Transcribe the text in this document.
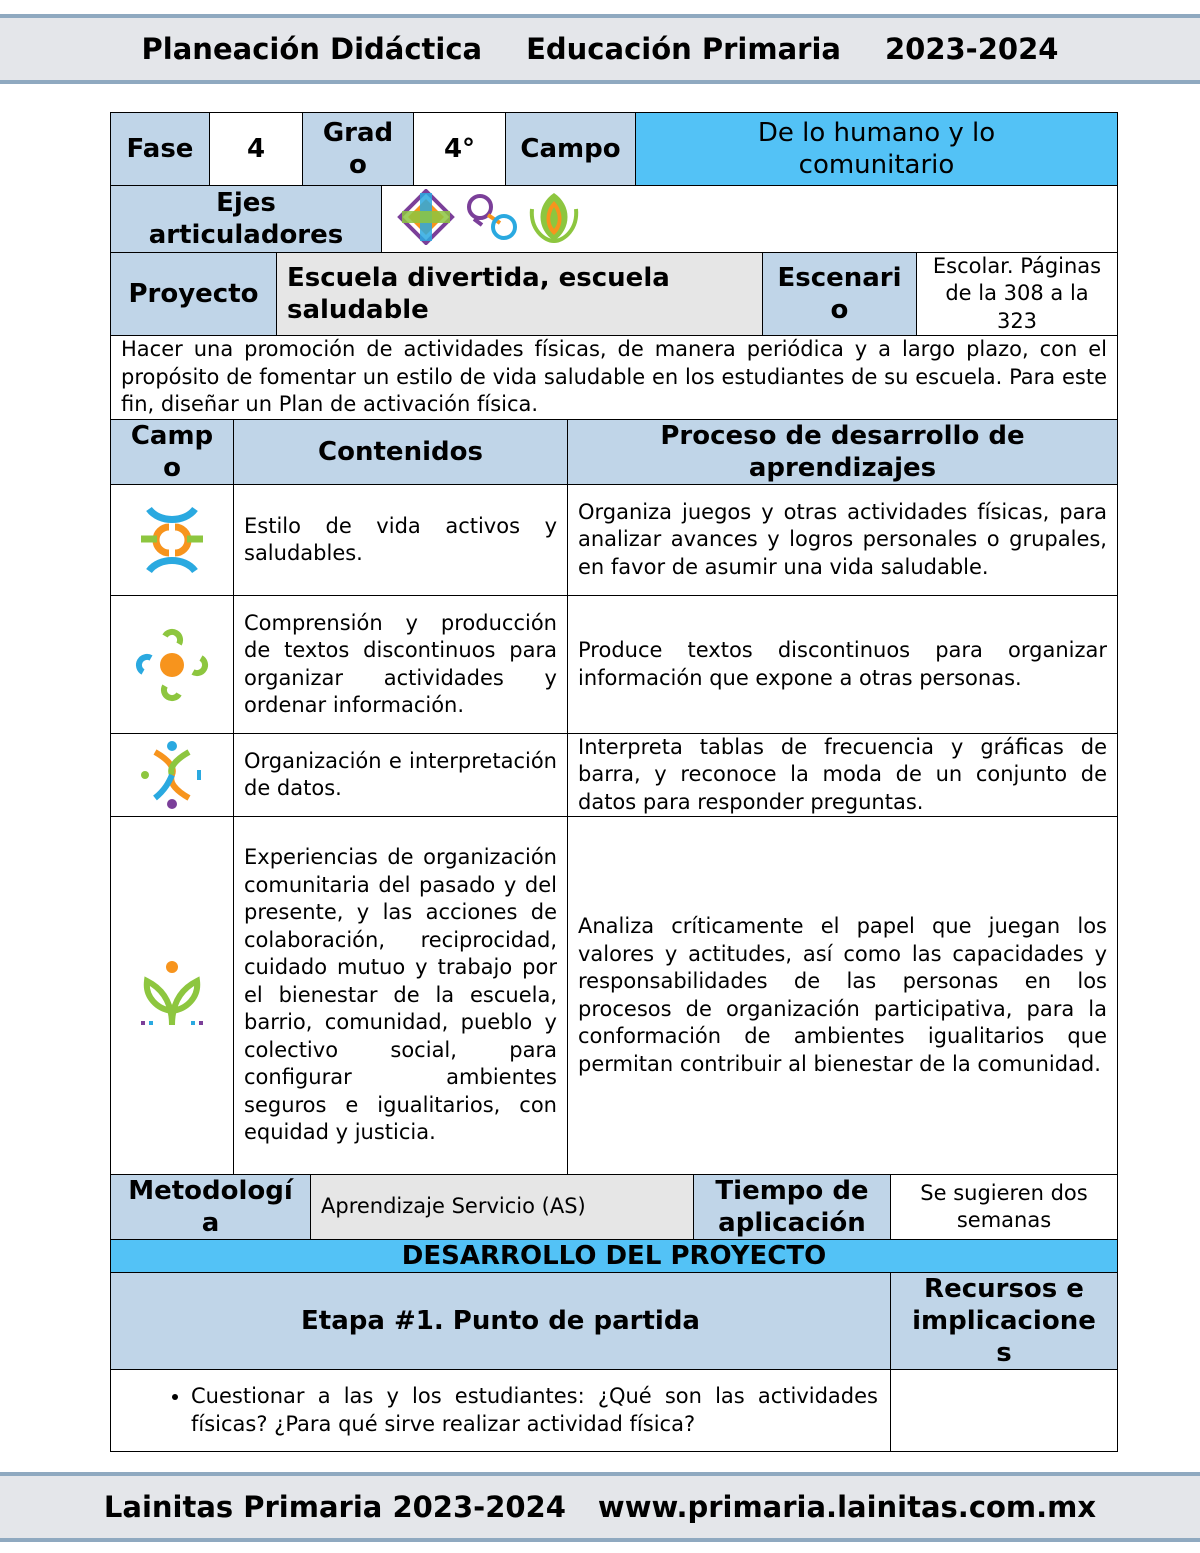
Planeación Didáctica Educación Primaria 2023-2024
Fase	4
Grad
o
4°	Campo
De lo humano y lo comunitario
Ejes articuladores
Proyecto
Escuela divertida, escuela saludable
Escenari
o
Escolar. Páginas de la 308 a la 323
Hacer una promoción de actividades físicas, de manera periódica y a largo plazo, con el propósito de fomentar un estilo de vida saludable en los estudiantes de su escuela. Para este fin, diseñar un Plan de activación física.
Camp
o
Contenidos
Proceso de desarrollo de aprendizajes
Estilo de vida activos y saludables.
Organiza juegos y otras actividades físicas, para analizar avances y logros personales o grupales, en favor de asumir una vida saludable.
Comprensión y producción de textos discontinuos para organizar actividades y ordenar información.
Produce textos discontinuos para organizar información que expone a otras personas.
Organización e interpretación de datos.
Interpreta tablas de frecuencia y gráficas de barra, y reconoce la moda de un conjunto de datos para responder preguntas.
Experiencias de organización comunitaria del pasado y del presente, y las acciones de colaboración, reciprocidad, cuidado mutuo y trabajo por el bienestar de la escuela, barrio, comunidad, pueblo y colectivo social, para configurar ambientes seguros e igualitarios, con equidad y justicia.
Analiza críticamente el papel que juegan los valores y actitudes, así como las capacidades y responsabilidades de las personas en los procesos de organización participativa, para la conformación de ambientes igualitarios que permitan contribuir al bienestar de la comunidad.
Metodologí
a
Aprendizaje Servicio (AS)
Tiempo de aplicación
Se sugieren dos semanas
DESARROLLO DEL PROYECTO
Etapa #1. Punto de partida
Recursos e implicacione
s
• Cuestionar a las y los estudiantes: ¿Qué son las actividades físicas? ¿Para qué sirve realizar actividad física?
Lainitas Primaria 2023-2024 www.primaria.lainitas.com.mx
